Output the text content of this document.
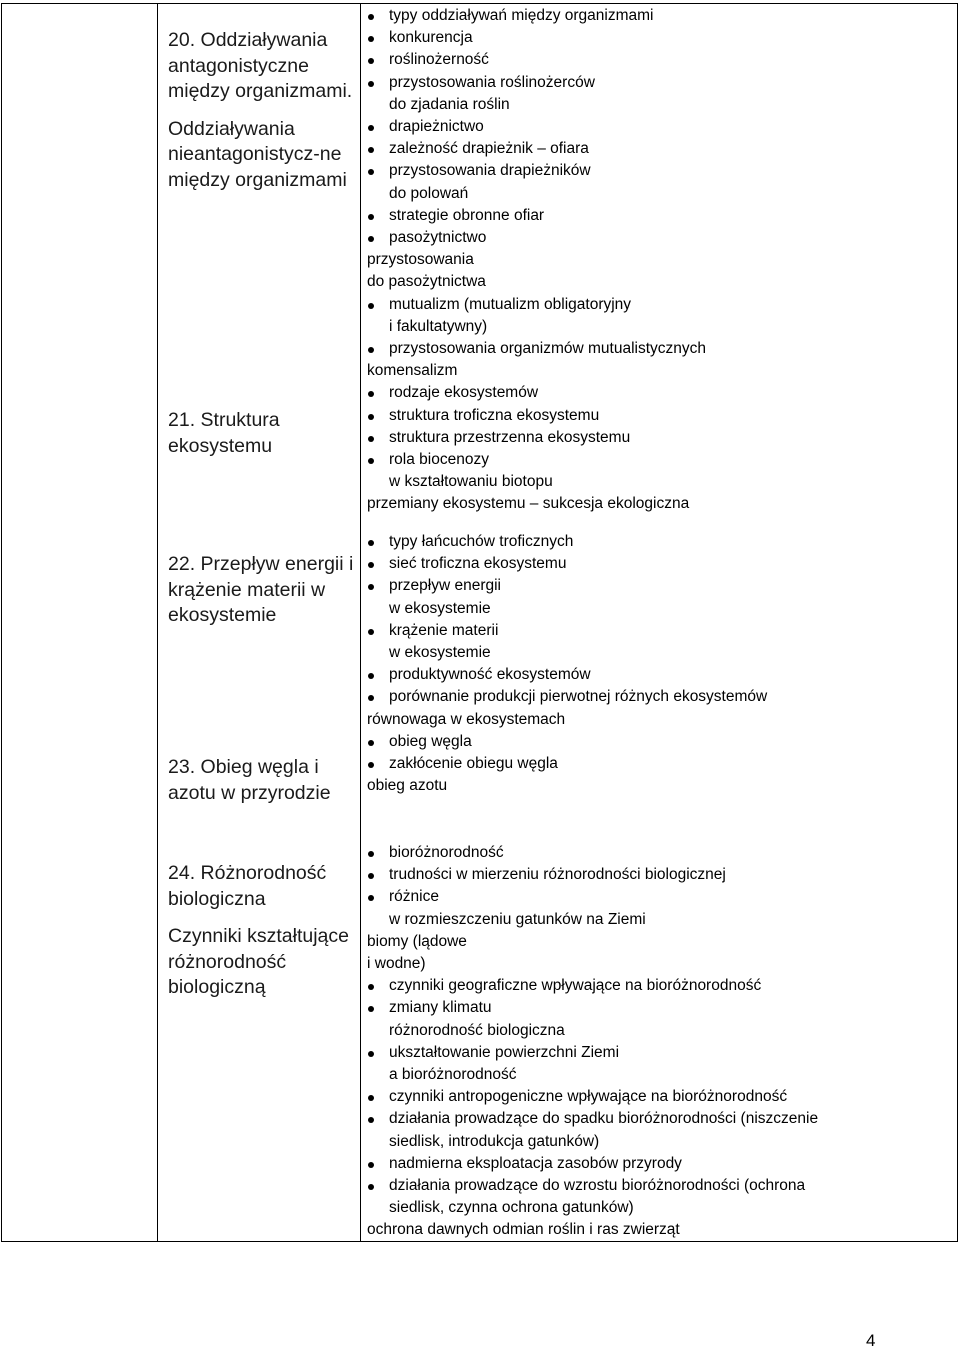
20. Oddziaływania antagonistyczne między organizmami.

Oddziaływania nieantagonistycz-ne między organizmami

21. Struktura ekosystemu

22. Przepływ energii i krążenie materii w ekosystemie

23. Obieg węgla i azotu w przyrodzie

24. Różnorodność biologiczna

Czynniki kształtujące różnorodność biologiczną

typy oddziaływań między organizmami
konkurencja
roślinożerność
przystosowania roślinożerców
do zjadania roślin
drapieżnictwo
zależność drapieżnik – ofiara
przystosowania drapieżników
do polowań
strategie obronne ofiar
pasożytnictwo
przystosowania
do pasożytnictwa
mutualizm (mutualizm obligatoryjny
i fakultatywny)
przystosowania organizmów mutualistycznych
komensalizm
rodzaje ekosystemów
struktura troficzna ekosystemu
struktura przestrzenna ekosystemu
rola biocenozy
w kształtowaniu biotopu
przemiany ekosystemu – sukcesja ekologiczna
typy łańcuchów troficznych
sieć troficzna ekosystemu
przepływ energii
w ekosystemie
krążenie materii
w ekosystemie
produktywność ekosystemów
porównanie produkcji pierwotnej różnych ekosystemów
równowaga w ekosystemach
obieg węgla
zakłócenie obiegu węgla
obieg azotu
bioróżnorodność
trudności w mierzeniu różnorodności biologicznej
różnice
w rozmieszczeniu gatunków na Ziemi
biomy (lądowe
i wodne)
czynniki geograficzne wpływające na bioróżnorodność
zmiany klimatu
różnorodność biologiczna
ukształtowanie powierzchni Ziemi
a bioróżnorodność
czynniki antropogeniczne wpływające na bioróżnorodność
działania prowadzące do spadku bioróżnorodności (niszczenie
siedlisk, introdukcja gatunków)
nadmierna eksploatacja zasobów przyrody
działania prowadzące do wzrostu bioróżnorodności (ochrona
siedlisk, czynna ochrona gatunków)
ochrona dawnych odmian roślin i ras zwierząt
4
